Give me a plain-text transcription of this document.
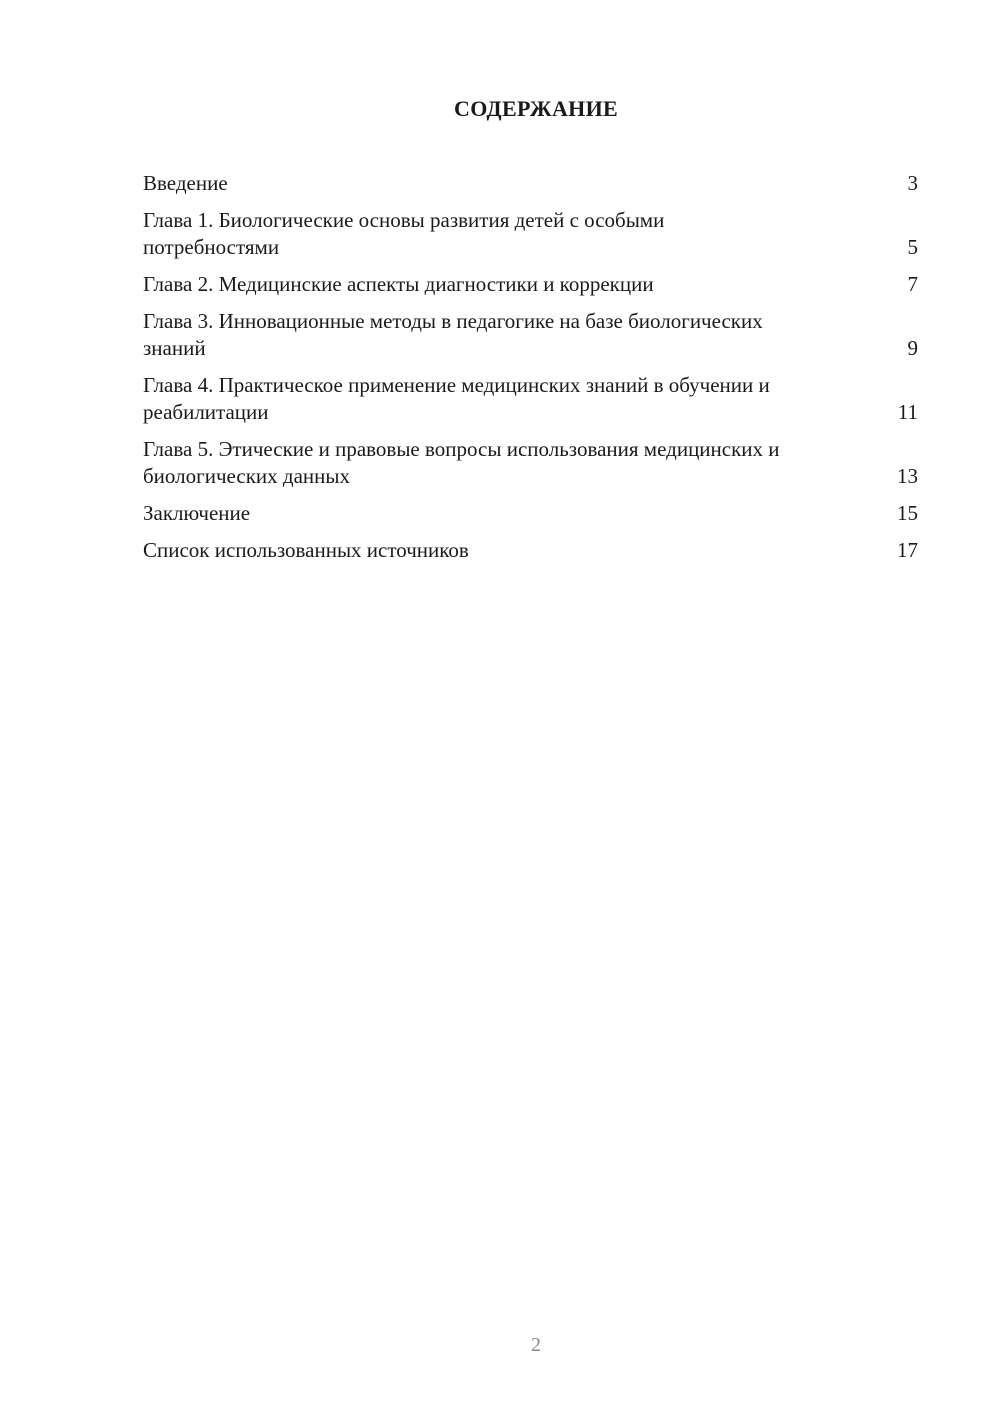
СОДЕРЖАНИЕ
Введение	3
Глава 1. Биологические основы развития детей с особыми потребностями	5
Глава 2. Медицинские аспекты диагностики и коррекции	7
Глава 3. Инновационные методы в педагогике на базе биологических знаний	9
Глава 4. Практическое применение медицинских знаний в обучении и реабилитации	11
Глава 5. Этические и правовые вопросы использования медицинских и биологических данных	13
Заключение	15
Список использованных источников	17
2
